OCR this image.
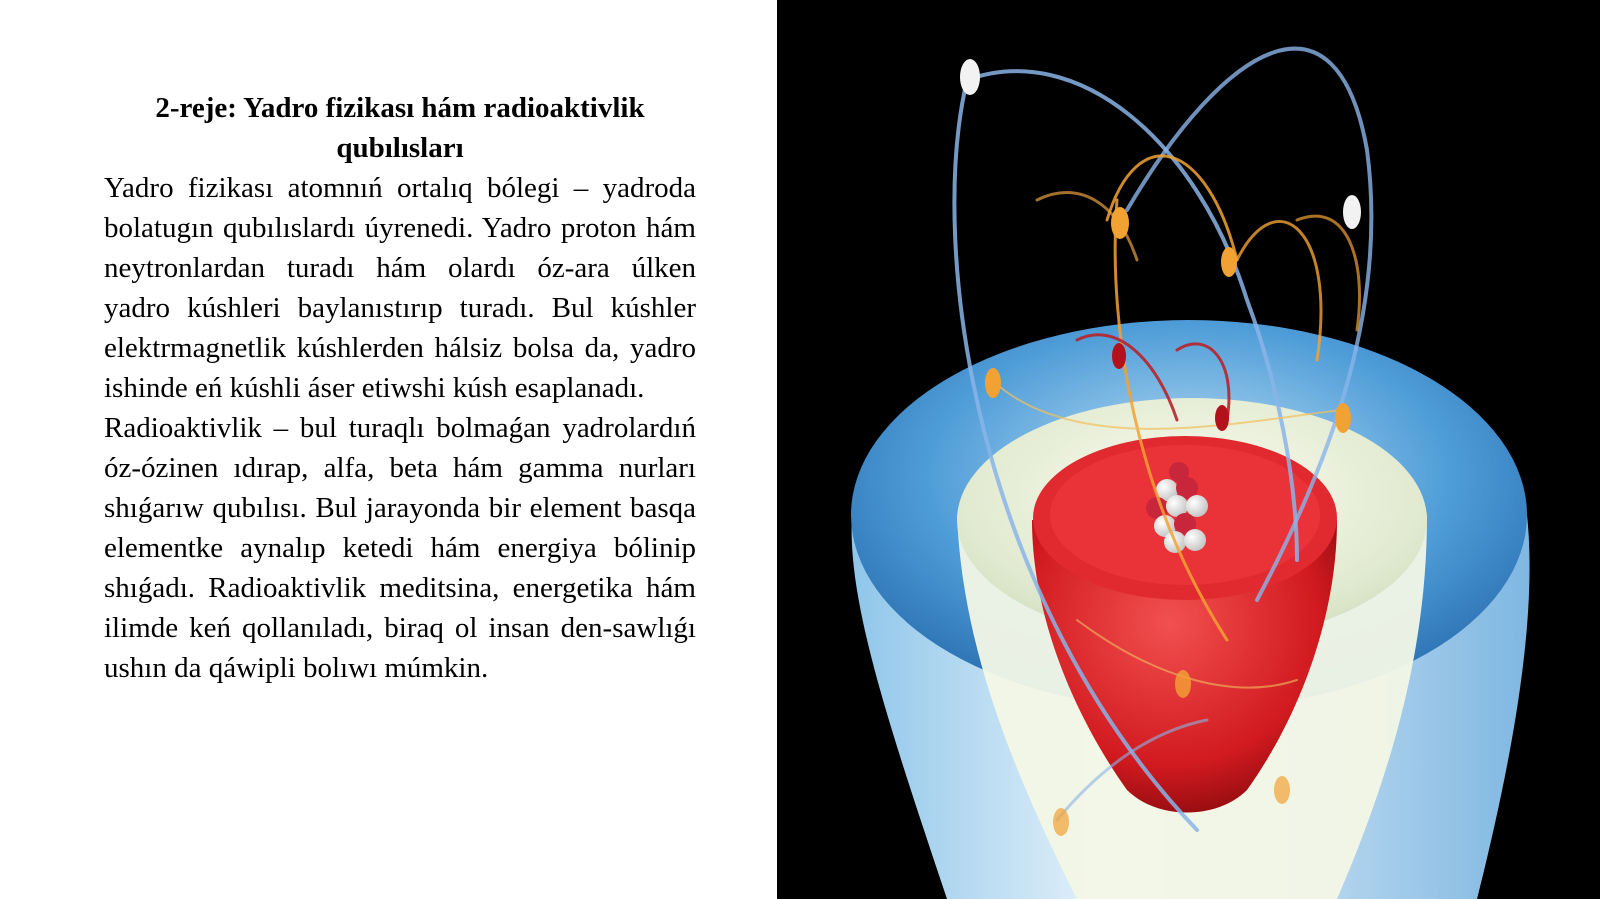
2-reje: Yadro fizikası hám radioaktivlik qubılısları

Yadro fizikası atomnıń ortalıq bólegi – yadroda bolatugın qubılıslardı úyrenedi. Yadro proton hám neytronlardan turadı hám olardı óz-ara úlken yadro kúshleri baylanıstırıp turadı. Bul kúshler elektrmagnetlik kúshlerden hálsiz bolsa da, yadro ishinde eń kúshli áser etiwshi kúsh esaplanadı.

Radioaktivlik – bul turaqlı bolmaǵan yadrolardıń óz-ózinen ıdırap, alfa, beta hám gamma nurları shıǵarıw qubılısı. Bul jarayonda bir element basqa elementke aynalıp ketedi hám energiya bólinip shıǵadı. Radioaktivlik meditsina, energetika hám ilimde keń qollanıladı, biraq ol insan den-sawlıǵı ushın da qáwipli bolıwı múmkin.
